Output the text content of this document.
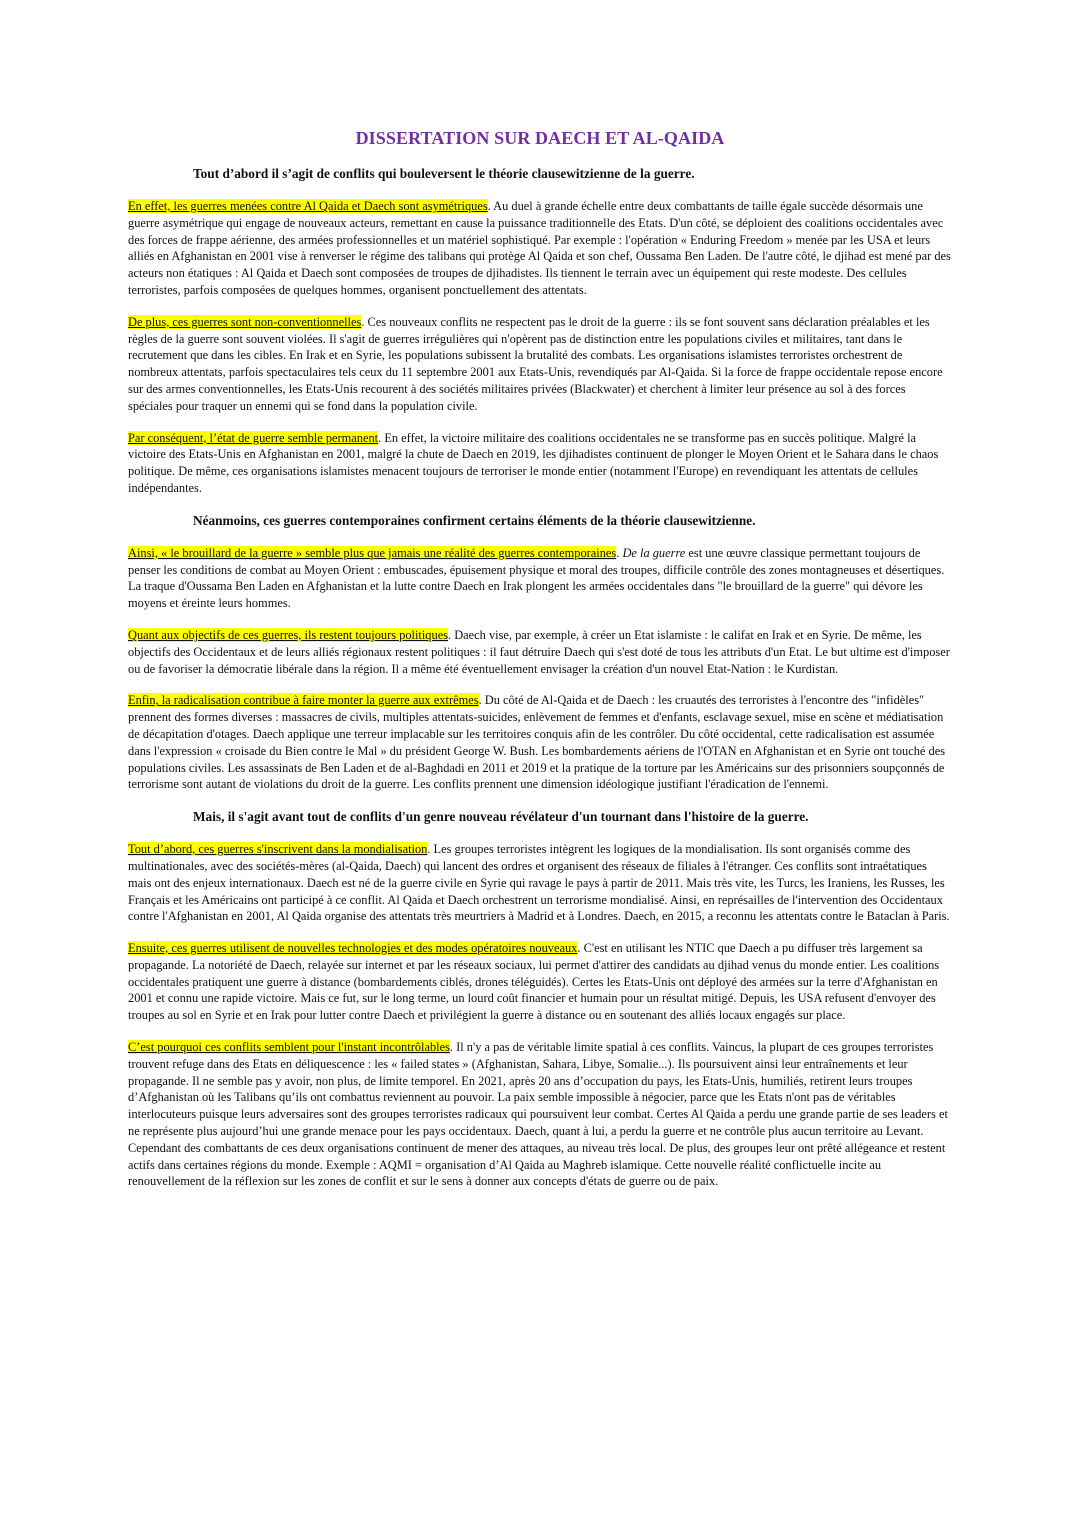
DISSERTATION SUR DAECH ET AL-QAIDA
Tout d’abord il s’agit de conflits qui bouleversent le théorie clausewitzienne de la guerre.

En effet, les guerres menées contre Al Qaida et Daech sont asymétriques. Au duel à grande échelle entre deux combattants de taille égale succède désormais une guerre asymétrique qui engage de nouveaux acteurs, remettant en cause la puissance traditionnelle des Etats. D'un côté, se déploient des coalitions occidentales avec des forces de frappe aérienne, des armées professionnelles et un matériel sophistiqué. Par exemple : l'opération « Enduring Freedom » menée par les USA et leurs alliés en Afghanistan en 2001 vise à renverser le régime des talibans qui protège Al Qaida et son chef, Oussama Ben Laden. De l'autre côté, le djihad est mené par des acteurs non étatiques : Al Qaida et Daech sont composées de troupes de djihadistes. Ils tiennent le terrain avec un équipement qui reste modeste. Des cellules terroristes, parfois composées de quelques hommes, organisent ponctuellement des attentats.

De plus, ces guerres sont non-conventionnelles. Ces nouveaux conflits ne respectent pas le droit de la guerre : ils se font souvent sans déclaration préalables et les règles de la guerre sont souvent violées. Il s'agit de guerres irrégulières qui n'opèrent pas de distinction entre les populations civiles et militaires, tant dans le recrutement que dans les cibles. En Irak et en Syrie, les populations subissent la brutalité des combats. Les organisations islamistes terroristes orchestrent de nombreux attentats, parfois spectaculaires tels ceux du 11 septembre 2001 aux Etats-Unis, revendiqués par Al-Qaida. Si la force de frappe occidentale repose encore sur des armes conventionnelles, les Etats-Unis recourent à des sociétés militaires privées (Blackwater) et cherchent à limiter leur présence au sol à des forces spéciales pour traquer un ennemi qui se fond dans la population civile.

Par conséquent, l’état de guerre semble permanent. En effet, la victoire militaire des coalitions occidentales ne se transforme pas en succès politique. Malgré la victoire des Etats-Unis en Afghanistan en 2001, malgré la chute de Daech en 2019, les djihadistes continuent de plonger le Moyen Orient et le Sahara dans le chaos politique. De même, ces organisations islamistes menacent toujours de terroriser le monde entier (notamment l'Europe) en revendiquant les attentats de cellules indépendantes.

Néanmoins, ces guerres contemporaines confirment certains éléments de la théorie clausewitzienne.

Ainsi, « le brouillard de la guerre » semble plus que jamais une réalité des guerres contemporaines. De la guerre est une œuvre classique permettant toujours de penser les conditions de combat au Moyen Orient : embuscades, épuisement physique et moral des troupes, difficile contrôle des zones montagneuses et désertiques. La traque d'Oussama Ben Laden en Afghanistan et la lutte contre Daech en Irak plongent les armées occidentales dans "le brouillard de la guerre" qui dévore les moyens et éreinte leurs hommes.

Quant aux objectifs de ces guerres, ils restent toujours politiques. Daech vise, par exemple, à créer un Etat islamiste : le califat en Irak et en Syrie. De même, les objectifs des Occidentaux et de leurs alliés régionaux restent politiques : il faut détruire Daech qui s'est doté de tous les attributs d'un Etat. Le but ultime est d'imposer ou de favoriser la démocratie libérale dans la région. Il a même été éventuellement envisager la création d'un nouvel Etat-Nation : le Kurdistan.

Enfin, la radicalisation contribue à faire monter la guerre aux extrêmes. Du côté de Al-Qaida et de Daech : les cruautés des terroristes à l'encontre des "infidèles" prennent des formes diverses : massacres de civils, multiples attentats-suicides, enlèvement de femmes et d'enfants, esclavage sexuel, mise en scène et médiatisation de décapitation d'otages. Daech applique une terreur implacable sur les territoires conquis afin de les contrôler. Du côté occidental, cette radicalisation est assumée dans l'expression « croisade du Bien contre le Mal » du président George W. Bush. Les bombardements aériens de l'OTAN en Afghanistan et en Syrie ont touché des populations civiles. Les assassinats de Ben Laden et de al-Baghdadi en 2011 et 2019 et la pratique de la torture par les Américains sur des prisonniers soupçonnés de terrorisme sont autant de violations du droit de la guerre. Les conflits prennent une dimension idéologique justifiant l'éradication de l'ennemi.

Mais, il s'agit avant tout de conflits d'un genre nouveau révélateur d'un tournant dans l'histoire de la guerre.

Tout d’abord, ces guerres s'inscrivent dans la mondialisation. Les groupes terroristes intègrent les logiques de la mondialisation. Ils sont organisés comme des multinationales, avec des sociétés-mères (al-Qaida, Daech) qui lancent des ordres et organisent des réseaux de filiales à l'étranger. Ces conflits sont intraétatiques mais ont des enjeux internationaux. Daech est né de la guerre civile en Syrie qui ravage le pays à partir de 2011. Mais très vite, les Turcs, les Iraniens, les Russes, les Français et les Américains ont participé à ce conflit. Al Qaida et Daech orchestrent un terrorisme mondialisé. Ainsi, en représailles de l'intervention des Occidentaux contre l'Afghanistan en 2001, Al Qaida organise des attentats très meurtriers à Madrid et à Londres. Daech, en 2015, a reconnu les attentats contre le Bataclan à Paris.

Ensuite, ces guerres utilisent de nouvelles technologies et des modes opératoires nouveaux. C'est en utilisant les NTIC que Daech a pu diffuser très largement sa propagande. La notoriété de Daech, relayée sur internet et par les réseaux sociaux, lui permet d'attirer des candidats au djihad venus du monde entier. Les coalitions occidentales pratiquent une guerre à distance (bombardements ciblés, drones téléguidés). Certes les Etats-Unis ont déployé des armées sur la terre d'Afghanistan en 2001 et connu une rapide victoire. Mais ce fut, sur le long terme, un lourd coût financier et humain pour un résultat mitigé. Depuis, les USA refusent d'envoyer des troupes au sol en Syrie et en Irak pour lutter contre Daech et privilégient la guerre à distance ou en soutenant des alliés locaux engagés sur place.

C’est pourquoi ces conflits semblent pour l'instant incontrôlables. Il n'y a pas de véritable limite spatial à ces conflits. Vaincus, la plupart de ces groupes terroristes trouvent refuge dans des Etats en déliquescence : les « failed states » (Afghanistan, Sahara, Libye, Somalie...). Ils poursuivent ainsi leur entraînements et leur propagande. Il ne semble pas y avoir, non plus, de limite temporel. En 2021, après 20 ans d’occupation du pays, les Etats-Unis, humiliés, retirent leurs troupes d’Afghanistan où les Talibans qu’ils ont combattus reviennent au pouvoir. La paix semble impossible à négocier, parce que les Etats n'ont pas de véritables interlocuteurs puisque leurs adversaires sont des groupes terroristes radicaux qui poursuivent leur combat. Certes Al Qaida a perdu une grande partie de ses leaders et ne représente plus aujourd’hui une grande menace pour les pays occidentaux. Daech, quant à lui, a perdu la guerre et ne contrôle plus aucun territoire au Levant. Cependant des combattants de ces deux organisations continuent de mener des attaques, au niveau très local. De plus, des groupes leur ont prêté allégeance et restent actifs dans certaines régions du monde. Exemple : AQMI = organisation d’Al Qaida au Maghreb islamique. Cette nouvelle réalité conflictuelle incite au renouvellement de la réflexion sur les zones de conflit et sur le sens à donner aux concepts d'états de guerre ou de paix.
